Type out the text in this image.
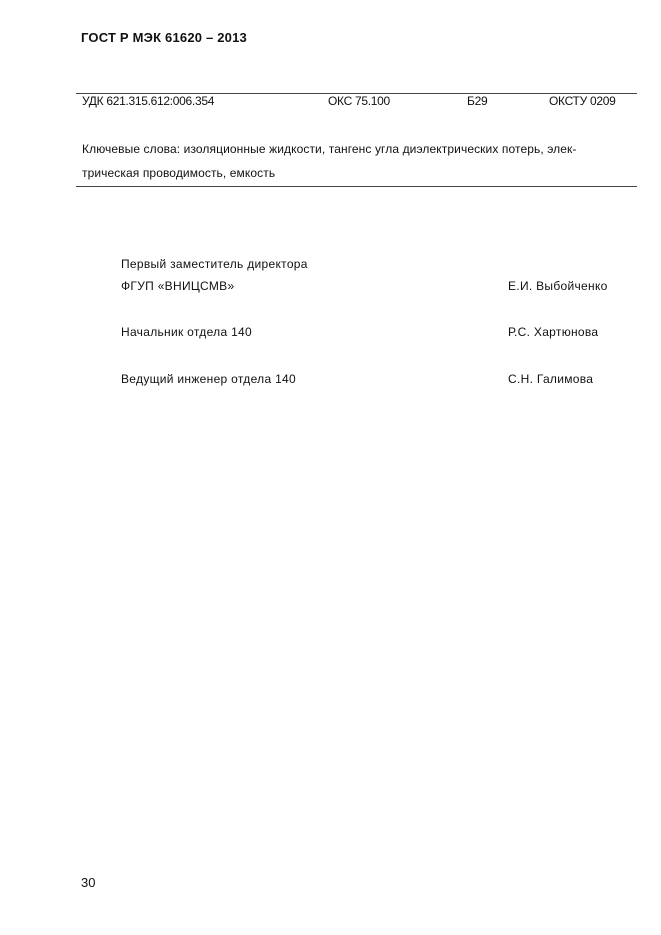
ГОСТ Р МЭК 61620 – 2013
УДК 621.315.612:006.354	ОКС 75.100	Б29	ОКСТУ 0209
Ключевые слова: изоляционные жидкости, тангенс угла диэлектрических потерь, элек-
трическая проводимость, емкость
Первый заместитель директора
ФГУП «ВНИЦСМВ»	Е.И. Выбойченко
Начальник отдела 140	Р.С. Хартюнова
Ведущий инженер отдела 140	С.Н. Галимова
30
